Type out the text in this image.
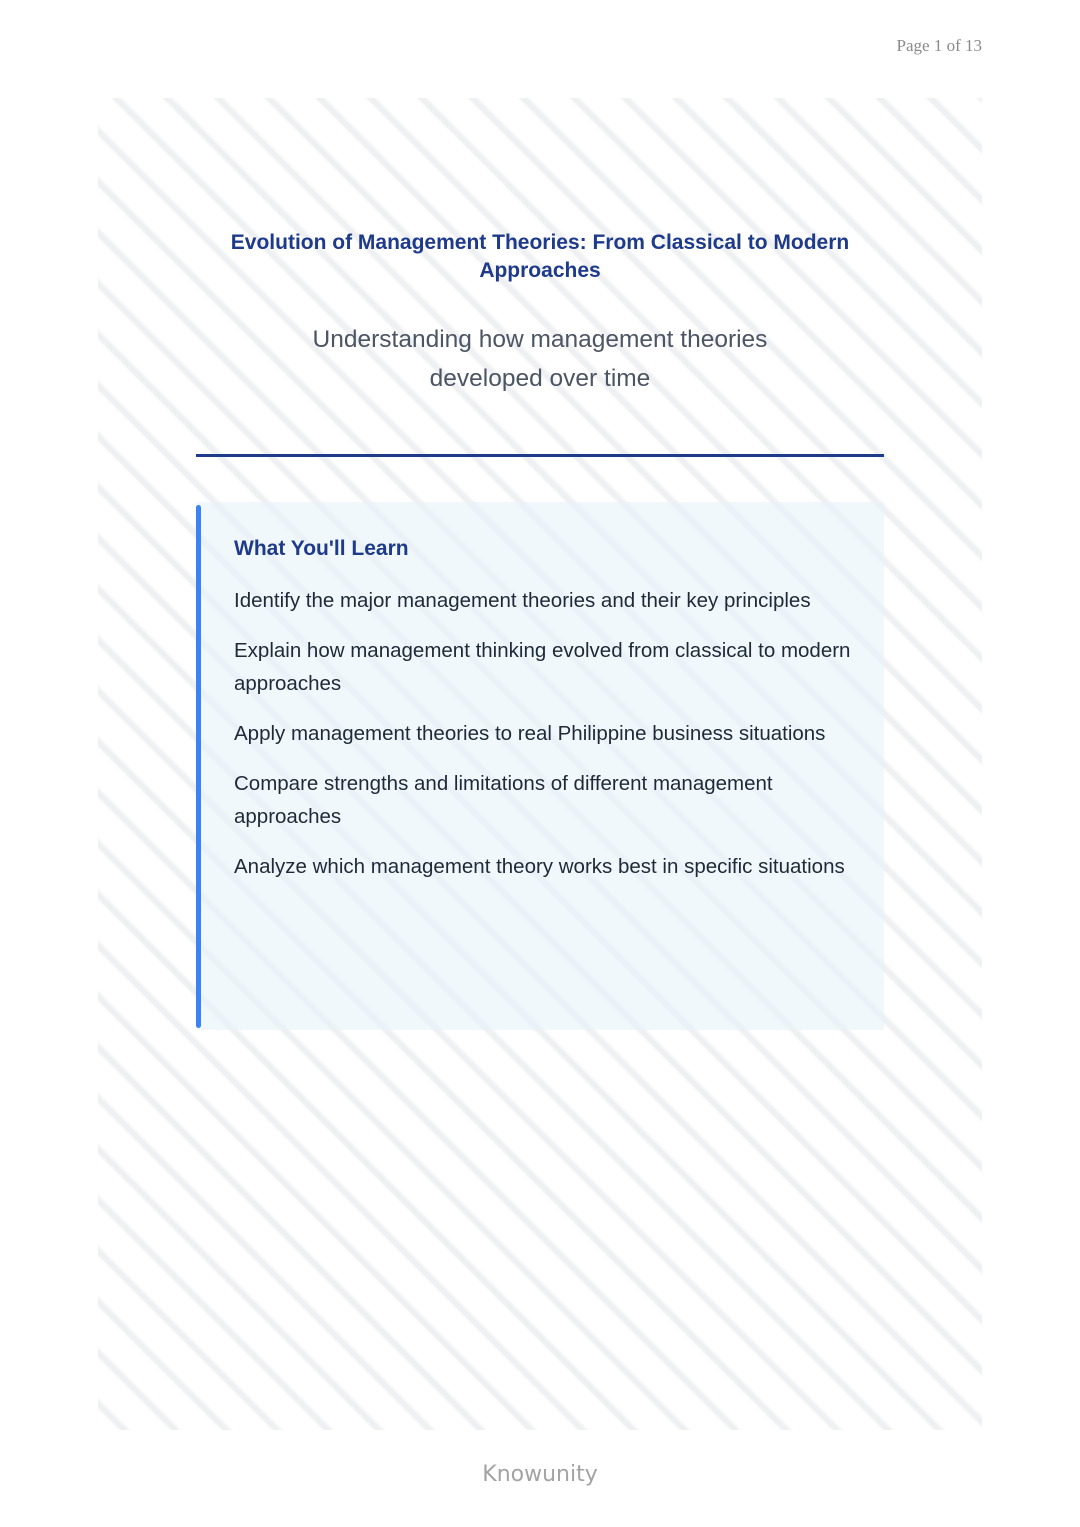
Page 1 of 13
Evolution of Management Theories: From Classical to Modern Approaches

Understanding how management theories developed over time

What You'll Learn
Identify the major management theories and their key principles
Explain how management thinking evolved from classical to modern approaches
Apply management theories to real Philippine business situations
Compare strengths and limitations of different management approaches
Analyze which management theory works best in specific situations
Knowunity
